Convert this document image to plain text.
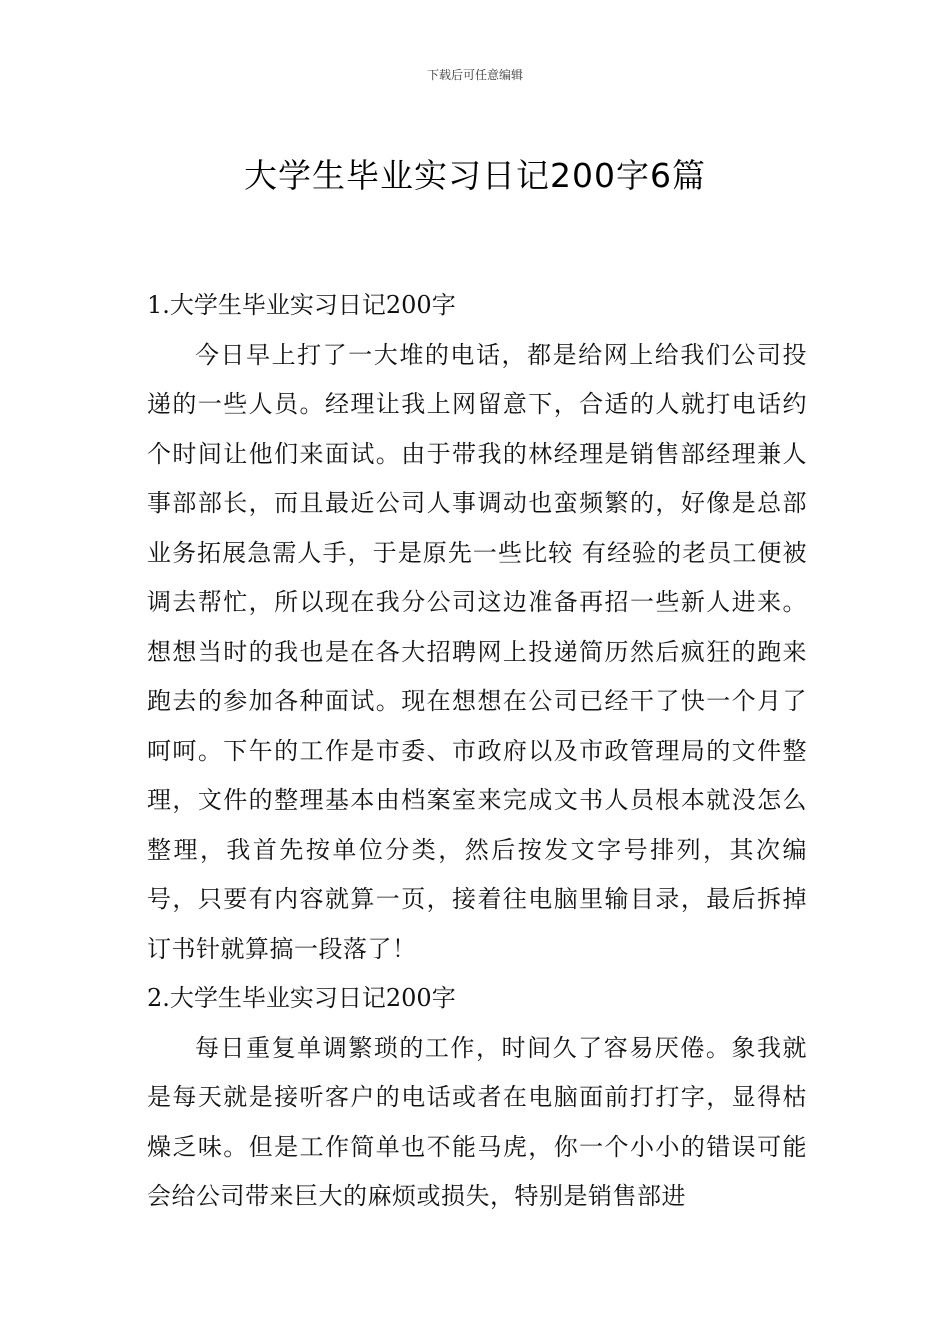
下载后可任意编辑
大学生毕业实习日记200字6篇

1.大学生毕业实习日记200字

今日早上打了一大堆的电话，都是给网上给我们公司投递的一些人员。经理让我上网留意下，合适的人就打电话约个时间让他们来面试。由于带我的林经理是销售部经理兼人事部部长，而且最近公司人事调动也蛮频繁的，好像是总部业务拓展急需人手，于是原先一些比较 有经验的老员工便被调去帮忙，所以现在我分公司这边准备再招一些新人进来。想想当时的我也是在各大招聘网上投递简历然后疯狂的跑来跑去的参加各种面试。现在想想在公司已经干了快一个月了呵呵。下午的工作是市委、市政府以及市政管理局的文件整理，文件的整理基本由档案室来完成文书人员根本就没怎么整理，我首先按单位分类，然后按发文字号排列，其次编号，只要有内容就算一页，接着往电脑里输目录，最后拆掉订书针就算搞一段落了！

2.大学生毕业实习日记200字

每日重复单调繁琐的工作，时间久了容易厌倦。象我就是每天就是接听客户的电话或者在电脑面前打打字，显得枯燥乏味。但是工作简单也不能马虎，你一个小小的错误可能会给公司带来巨大的麻烦或损失，特别是销售部进
